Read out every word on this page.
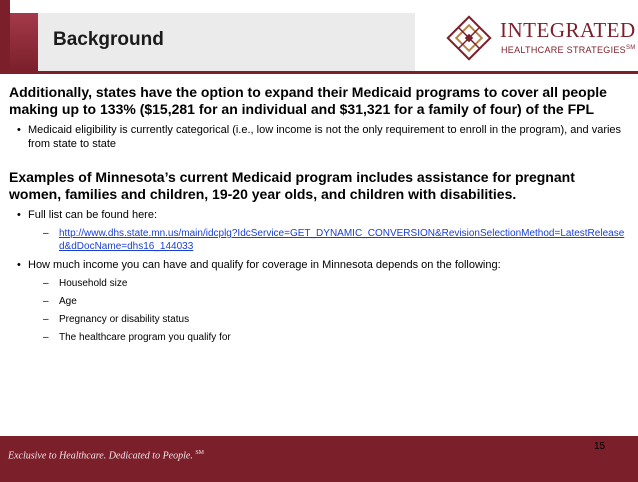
Background	INTEGRATED
HEALTHCARE STRATEGIES℠

Additionally, states have the option to expand their Medicaid programs to cover all people making up to 133% ($15,281 for an individual and $31,321 for a family of four) of the FPL

• Medicaid eligibility is currently categorical (i.e., low income is not the only requirement to enroll in the program), and varies from state to state

Examples of Minnesota’s current Medicaid program includes assistance for pregnant women, families and children, 19-20 year olds, and children with disabilities.

• Full list can be found here:
– http://www.dhs.state.mn.us/main/idcplg?IdcService=GET_DYNAMIC_CONVERSION&RevisionSelectionMethod=LatestReleased&dDocName=dhs16_144033
• How much income you can have and qualify for coverage in Minnesota depends on the following:
– Household size
– Age
– Pregnancy or disability status
– The healthcare program you qualify for
Exclusive to Healthcare. Dedicated to People. ℠
15
